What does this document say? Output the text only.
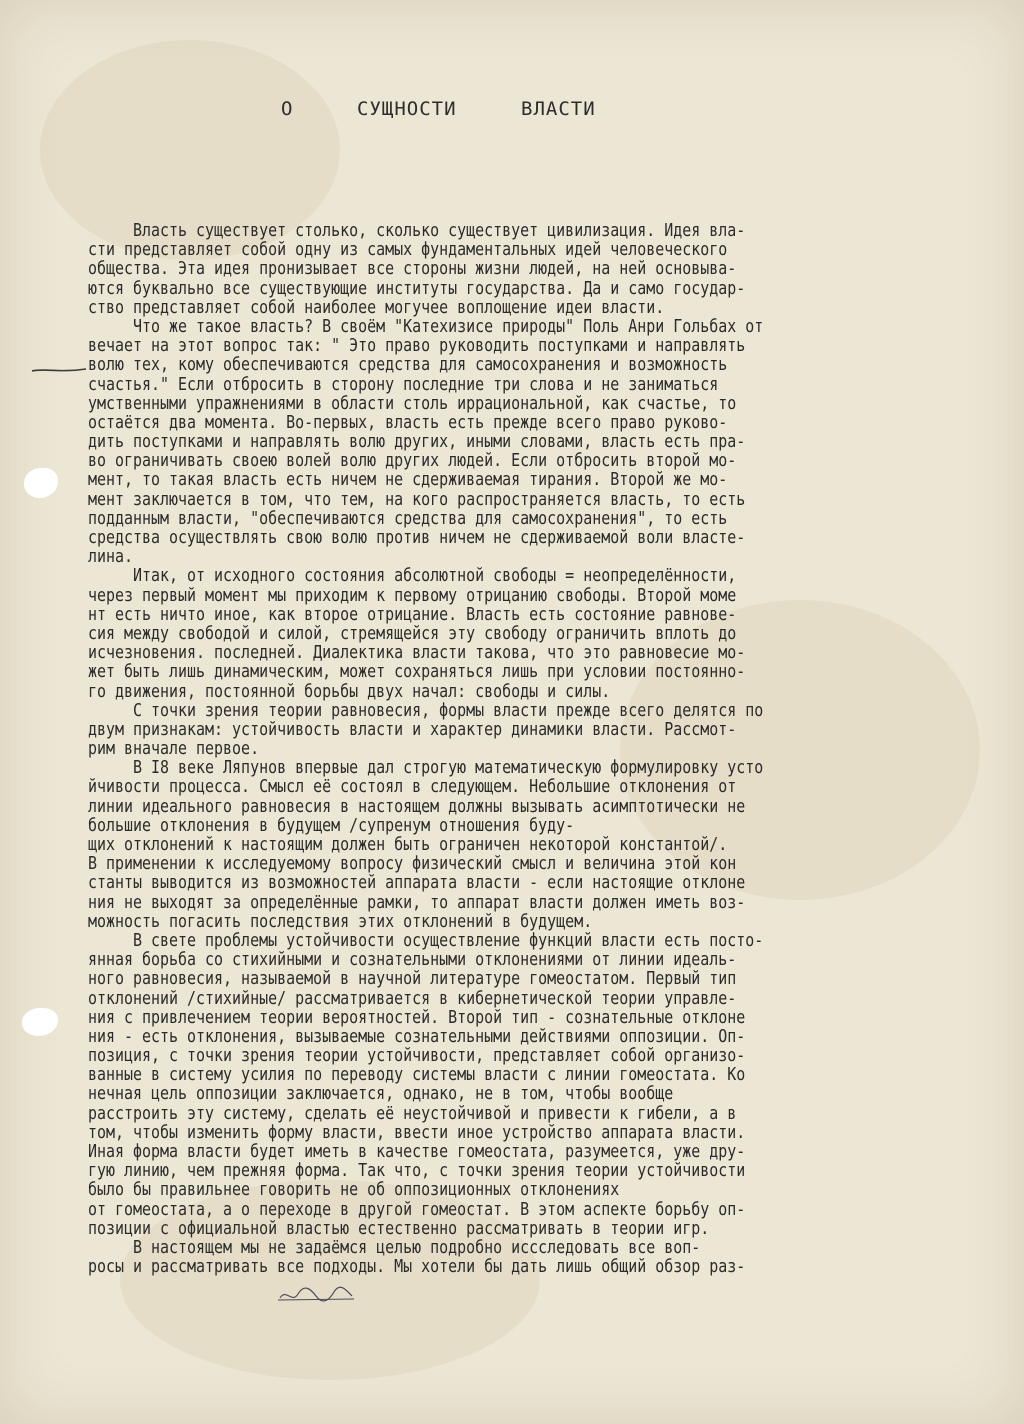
О	СУЩНОСТИ	ВЛАСТИ
Власть существует столько, сколько существует цивилизация. Идея вла-
сти представляет собой одну из самых фундаментальных идей человеческого
общества. Эта идея пронизывает все стороны жизни людей, на ней основыва-
ются буквально все существующие институты государства. Да и само государ-
ство представляет собой наиболее могучее воплощение идеи власти.
Что же такое власть? В своём "Катехизисе природы" Поль Анри Гольбах от
вечает на этот вопрос так: " Это право руководить поступками и направлять
волю тех, кому обеспечиваются средства для самосохранения и возможность
счастья." Если отбросить в сторону последние три слова и не заниматься
умственными упражнениями в области столь иррациональной, как счастье, то
остаётся два момента. Во-первых, власть есть прежде всего право руково-
дить поступками и направлять волю других, иными словами, власть есть пра-
во ограничивать своею волей волю других людей. Если отбросить второй мо-
мент, то такая власть есть ничем не сдерживаемая тирания. Второй же мо-
мент заключается в том, что тем, на кого распространяется власть, то есть
подданным власти, "обеспечиваются средства для самосохранения", то есть
средства осуществлять свою волю против ничем не сдерживаемой воли власте-
лина.
Итак, от исходного состояния абсолютной свободы = неопределённости,
через первый момент мы приходим к первому отрицанию свободы. Второй моме
нт есть ничто иное, как второе отрицание. Власть есть состояние равнове-
сия между свободой и силой, стремящейся эту свободу ограничить вплоть до
исчезновения. последней. Диалектика власти такова, что это равновесие мо-
жет быть лишь динамическим, может сохраняться лишь при условии постоянно-
го движения, постоянной борьбы двух начал: свободы и силы.
С точки зрения теории равновесия, формы власти прежде всего делятся по
двум признакам: устойчивость власти и характер динамики власти. Рассмот-
рим вначале первое.
В I8 веке Ляпунов впервые дал строгую математическую формулировку усто
йчивости процесса. Смысл её состоял в следующем. Небольшие отклонения от
линии идеального равновесия в настоящем должны вызывать асимптотически не
большие отклонения в будущем /супренум отношения буду-
щих отклонений к настоящим должен быть ограничен некоторой константой/.
В применении к исследуемому вопросу физический смысл и величина этой кон
станты выводится из возможностей аппарата власти - если настоящие отклоне
ния не выходят за определённые рамки, то аппарат власти должен иметь воз-
можность погасить последствия этих отклонений в будущем.
В свете проблемы устойчивости осуществление функций власти есть посто-
янная борьба со стихийными и сознательными отклонениями от линии идеаль-
ного равновесия, называемой в научной литературе гомеостатом. Первый тип
отклонений /стихийные/ рассматривается в кибернетической теории управле-
ния с привлечением теории вероятностей. Второй тип - сознательные отклоне
ния - есть отклонения, вызываемые сознательными действиями оппозиции. Оп-
позиция, с точки зрения теории устойчивости, представляет собой организо-
ванные в систему усилия по переводу системы власти с линии гомеостата. Ко
нечная цель оппозиции заключается, однако, не в том, чтобы вообще
расстроить эту систему, сделать её неустойчивой и привести к гибели, а в
том, чтобы изменить форму власти, ввести иное устройство аппарата власти.
Иная форма власти будет иметь в качестве гомеостата, разумеется, уже дру-
гую линию, чем прежняя форма. Так что, с точки зрения теории устойчивости
было бы правильнее говорить не об оппозиционных отклонениях
от гомеостата, а о переходе в другой гомеостат. В этом аспекте борьбу оп-
позиции с официальной властью естественно рассматривать в теории игр.
В настоящем мы не задаёмся целью подробно иссследовать все воп-
росы и рассматривать все подходы. Мы хотели бы дать лишь общий обзор раз-
